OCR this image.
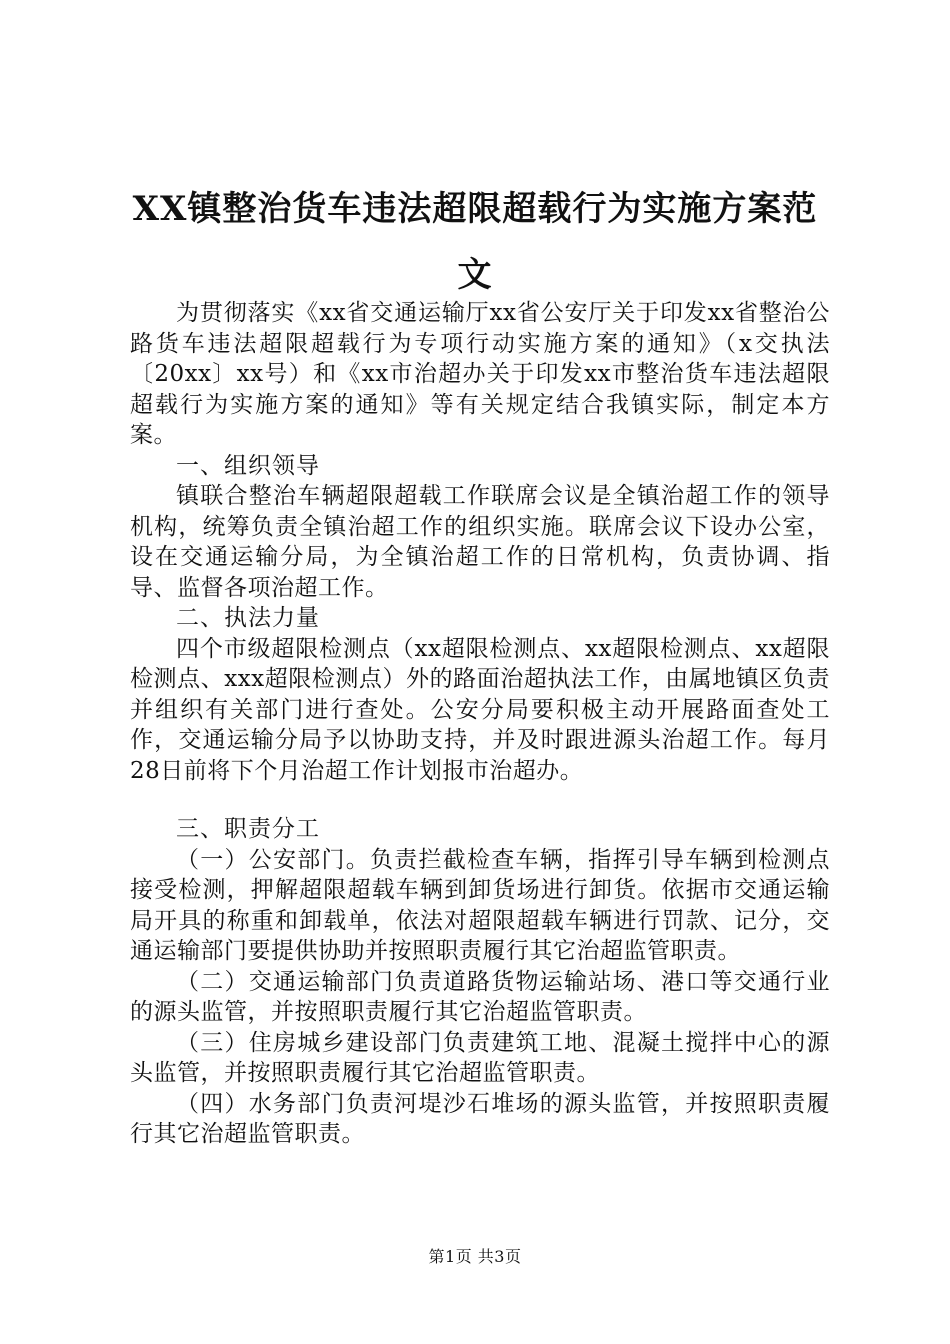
XX镇整治货车违法超限超载行为实施方案范
文

为贯彻落实《xx省交通运输厅xx省公安厅关于印发xx省整治公路货车违法超限超载行为专项行动实施方案的通知》（x交执法〔20xx〕xx号）和《xx市治超办关于印发xx市整治货车违法超限超载行为实施方案的通知》等有关规定结合我镇实际，制定本方案。

一、组织领导

镇联合整治车辆超限超载工作联席会议是全镇治超工作的领导机构，统筹负责全镇治超工作的组织实施。联席会议下设办公室，设在交通运输分局，为全镇治超工作的日常机构，负责协调、指导、监督各项治超工作。

二、执法力量

四个市级超限检测点（xx超限检测点、xx超限检测点、xx超限检测点、xxx超限检测点）外的路面治超执法工作，由属地镇区负责并组织有关部门进行查处。公安分局要积极主动开展路面查处工作，交通运输分局予以协助支持，并及时跟进源头治超工作。每月28日前将下个月治超工作计划报市治超办。

三、职责分工

（一）公安部门。负责拦截检查车辆，指挥引导车辆到检测点接受检测，押解超限超载车辆到卸货场进行卸货。依据市交通运输局开具的称重和卸载单，依法对超限超载车辆进行罚款、记分，交通运输部门要提供协助并按照职责履行其它治超监管职责。

（二）交通运输部门负责道路货物运输站场、港口等交通行业的源头监管，并按照职责履行其它治超监管职责。

（三）住房城乡建设部门负责建筑工地、混凝土搅拌中心的源头监管，并按照职责履行其它治超监管职责。

（四）水务部门负责河堤沙石堆场的源头监管，并按照职责履行其它治超监管职责。

第1页 共3页
